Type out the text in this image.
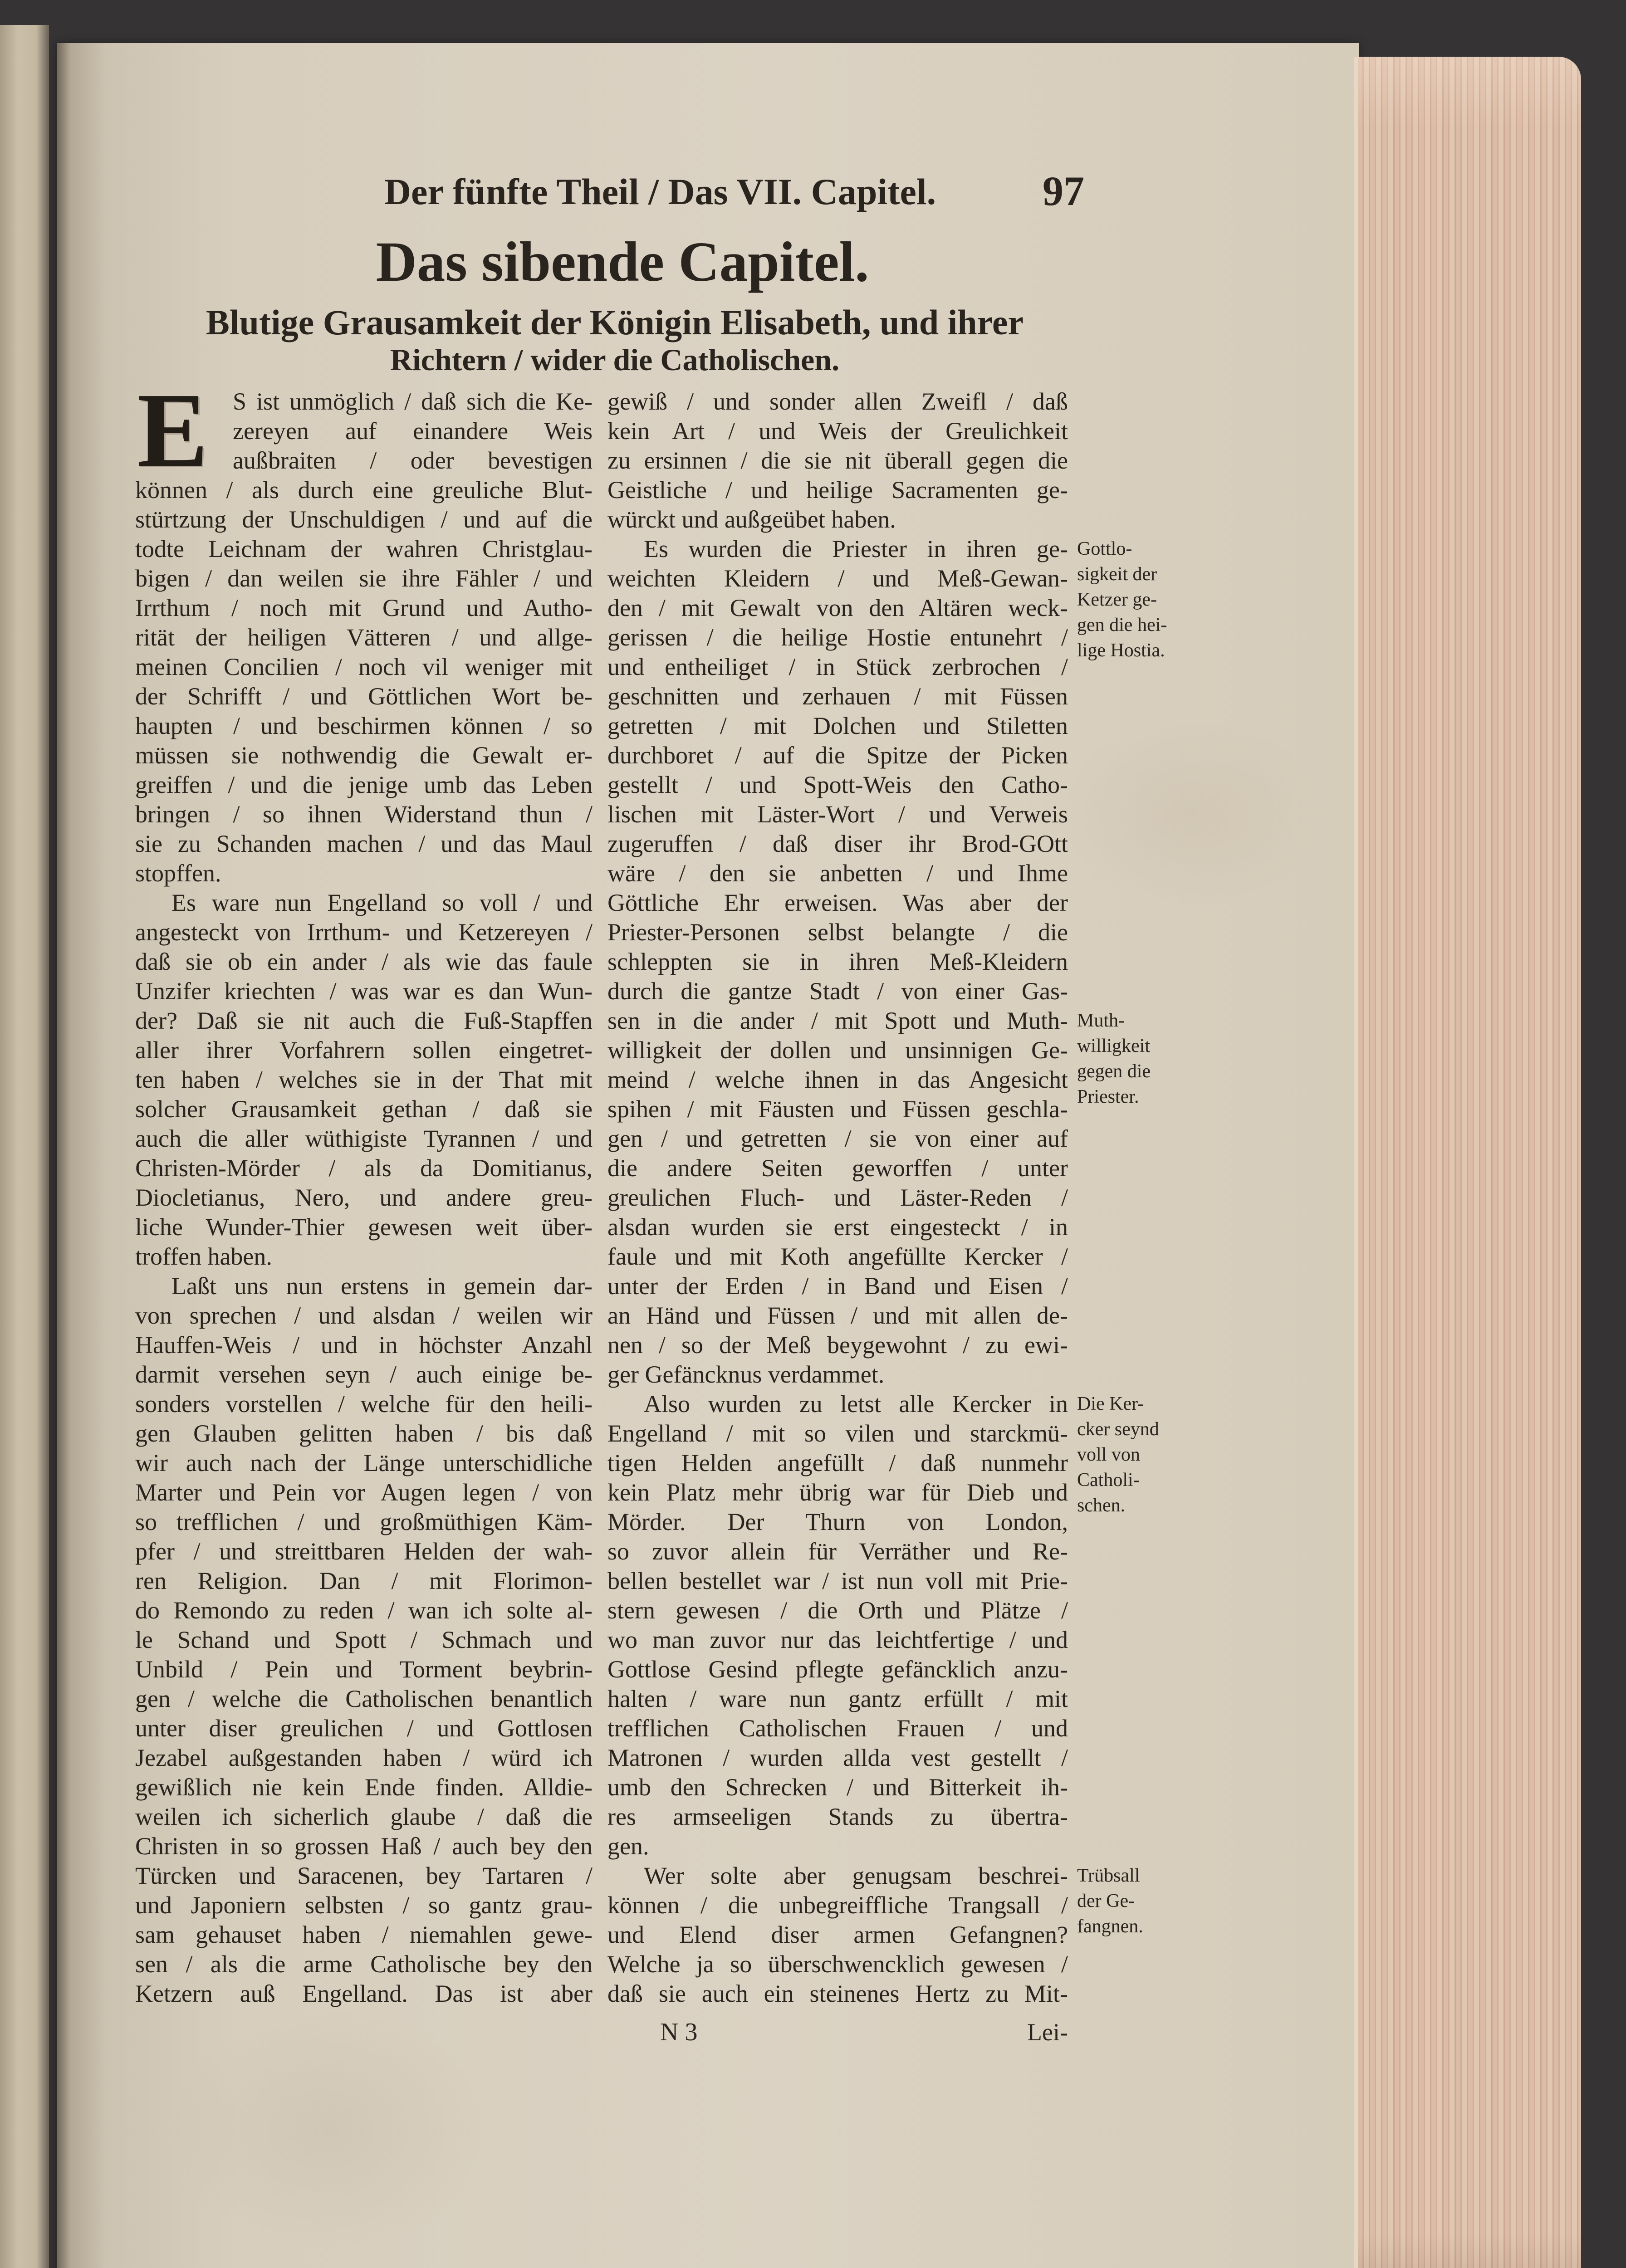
Der fünfte Theil / Das VII. Capitel.	97
Das sibende Capitel.
Blutige Grausamkeit der Königin Elisabeth, und ihrer
Richtern / wider die Catholischen.
E	S ist unmöglich / daß sich die Ke-
zereyen auf einandere Weis
außbraiten / oder bevestigen
können / als durch eine greuliche Blut-
stürtzung der Unschuldigen / und auf die
todte Leichnam der wahren Christglau-
bigen / dan weilen sie ihre Fähler / und
Irrthum / noch mit Grund und Autho-
rität der heiligen Vätteren / und allge-
meinen Concilien / noch vil weniger mit
der Schrifft / und Göttlichen Wort be-
haupten / und beschirmen können / so
müssen sie nothwendig die Gewalt er-
greiffen / und die jenige umb das Leben
bringen / so ihnen Widerstand thun /
sie zu Schanden machen / und das Maul
stopffen.
Es ware nun Engelland so voll / und
angesteckt von Irrthum- und Ketzereyen /
daß sie ob ein ander / als wie das faule
Unzifer kriechten / was war es dan Wun-
der? Daß sie nit auch die Fuß-Stapffen
aller ihrer Vorfahrern sollen eingetret-
ten haben / welches sie in der That mit
solcher Grausamkeit gethan / daß sie
auch die aller wüthigiste Tyrannen / und
Christen-Mörder / als da Domitianus,
Diocletianus, Nero, und andere greu-
liche Wunder-Thier gewesen weit über-
troffen haben.
Laßt uns nun erstens in gemein dar-
von sprechen / und alsdan / weilen wir
Hauffen-Weis / und in höchster Anzahl
darmit versehen seyn / auch einige be-
sonders vorstellen / welche für den heili-
gen Glauben gelitten haben / bis daß
wir auch nach der Länge unterschidliche
Marter und Pein vor Augen legen / von
so trefflichen / und großmüthigen Käm-
pfer / und streittbaren Helden der wah-
ren Religion. Dan / mit Florimon-
do Remondo zu reden / wan ich solte al-
le Schand und Spott / Schmach und
Unbild / Pein und Torment beybrin-
gen / welche die Catholischen benantlich
unter diser greulichen / und Gottlosen
Jezabel außgestanden haben / würd ich
gewißlich nie kein Ende finden. Alldie-
weilen ich sicherlich glaube / daß die
Christen in so grossen Haß / auch bey den
Türcken und Saracenen, bey Tartaren /
und Japoniern selbsten / so gantz grau-
sam gehauset haben / niemahlen gewe-
sen / als die arme Catholische bey den
Ketzern auß Engelland. Das ist aber
gewiß / und sonder allen Zweifl / daß
kein Art / und Weis der Greulichkeit
zu ersinnen / die sie nit überall gegen die
Geistliche / und heilige Sacramenten ge-
würckt und außgeübet haben.
Es wurden die Priester in ihren ge-
weichten Kleidern / und Meß-Gewan-
den / mit Gewalt von den Altären weck-
gerissen / die heilige Hostie entunehrt /
und entheiliget / in Stück zerbrochen /
geschnitten und zerhauen / mit Füssen
getretten / mit Dolchen und Stiletten
durchboret / auf die Spitze der Picken
gestellt / und Spott-Weis den Catho-
lischen mit Läster-Wort / und Verweis
zugeruffen / daß diser ihr Brod-GOtt
wäre / den sie anbetten / und Ihme
Göttliche Ehr erweisen. Was aber der
Priester-Personen selbst belangte / die
schleppten sie in ihren Meß-Kleidern
durch die gantze Stadt / von einer Gas-
sen in die ander / mit Spott und Muth-
willigkeit der dollen und unsinnigen Ge-
meind / welche ihnen in das Angesicht
spihen / mit Fäusten und Füssen geschla-
gen / und getretten / sie von einer auf
die andere Seiten geworffen / unter
greulichen Fluch- und Läster-Reden /
alsdan wurden sie erst eingesteckt / in
faule und mit Koth angefüllte Kercker /
unter der Erden / in Band und Eisen /
an Händ und Füssen / und mit allen de-
nen / so der Meß beygewohnt / zu ewi-
ger Gefäncknus verdammet.
Also wurden zu letst alle Kercker in
Engelland / mit so vilen und starckmü-
tigen Helden angefüllt / daß nunmehr
kein Platz mehr übrig war für Dieb und
Mörder. Der Thurn von London,
so zuvor allein für Verräther und Re-
bellen bestellet war / ist nun voll mit Prie-
stern gewesen / die Orth und Plätze /
wo man zuvor nur das leichtfertige / und
Gottlose Gesind pflegte gefäncklich anzu-
halten / ware nun gantz erfüllt / mit
trefflichen Catholischen Frauen / und
Matronen / wurden allda vest gestellt /
umb den Schrecken / und Bitterkeit ih-
res armseeligen Stands zu übertra-
gen.
Wer solte aber genugsam beschrei-
können / die unbegreiffliche Trangsall /
und Elend diser armen Gefangnen?
Welche ja so überschwencklich gewesen /
daß sie auch ein steinenes Hertz zu Mit-
Gottlo-
sigkeit der
Ketzer ge-
gen die hei-
lige Hostia.
Muth-
willigkeit
gegen die
Priester.
Die Ker-
cker seynd
voll von
Catholi-
schen.
Trübsall
der Ge-
fangnen.
N 3	Lei-
